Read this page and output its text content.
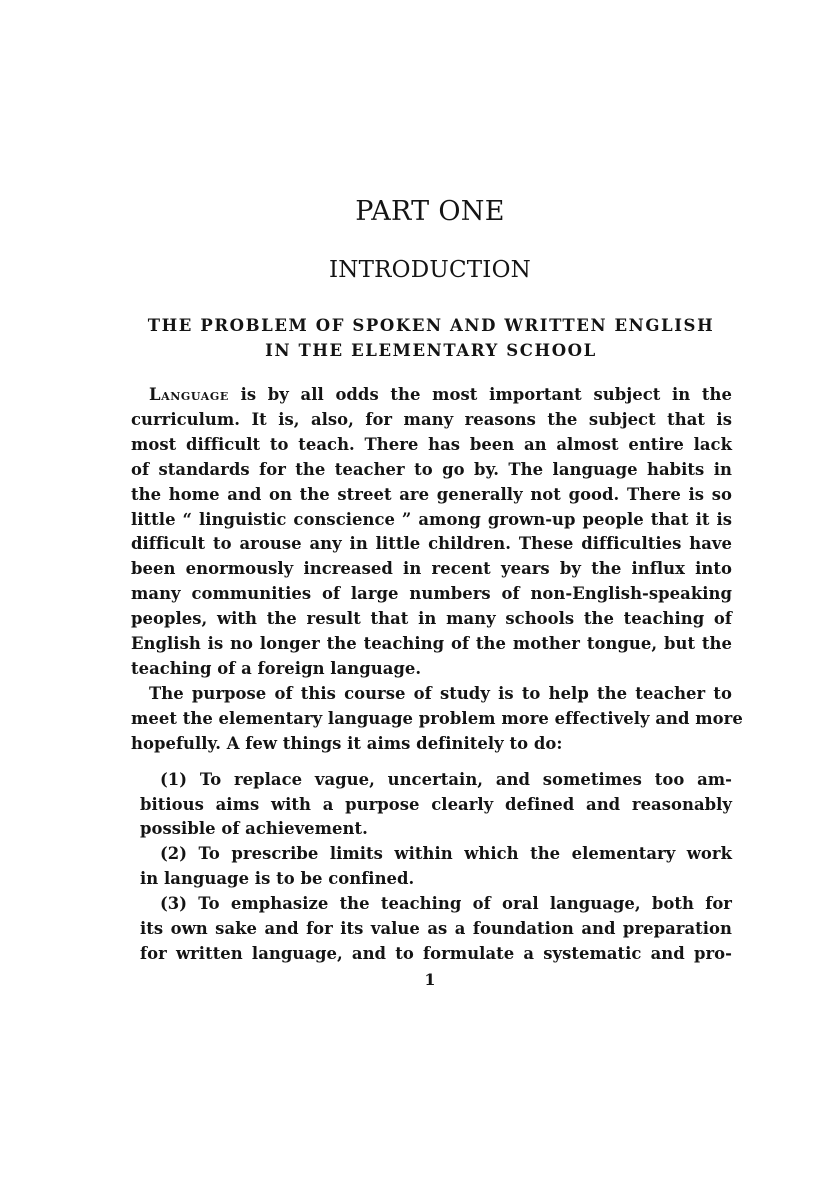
PART ONE
INTRODUCTION
THE PROBLEM OF SPOKEN AND WRITTEN ENGLISH
IN THE ELEMENTARY SCHOOL

Language is by all odds the most important subject in the
curriculum. It is, also, for many reasons the subject that is
most difficult to teach. There has been an almost entire lack
of standards for the teacher to go by. The language habits in
the home and on the street are generally not good. There is so
little “ linguistic conscience ” among grown-up people that it is
difficult to arouse any in little children. These difficulties have
been enormously increased in recent years by the influx into
many communities of large numbers of non-English-speaking
peoples, with the result that in many schools the teaching of
English is no longer the teaching of the mother tongue, but the
teaching of a foreign language.

The purpose of this course of study is to help the teacher to
meet the elementary language problem more effectively and more
hopefully. A few things it aims definitely to do:

(1) To replace vague, uncertain, and sometimes too am-
bitious aims with a purpose clearly defined and reasonably
possible of achievement.
(2) To prescribe limits within which the elementary work
in language is to be confined.
(3) To emphasize the teaching of oral language, both for
its own sake and for its value as a foundation and preparation
for written language, and to formulate a systematic and pro-
1
